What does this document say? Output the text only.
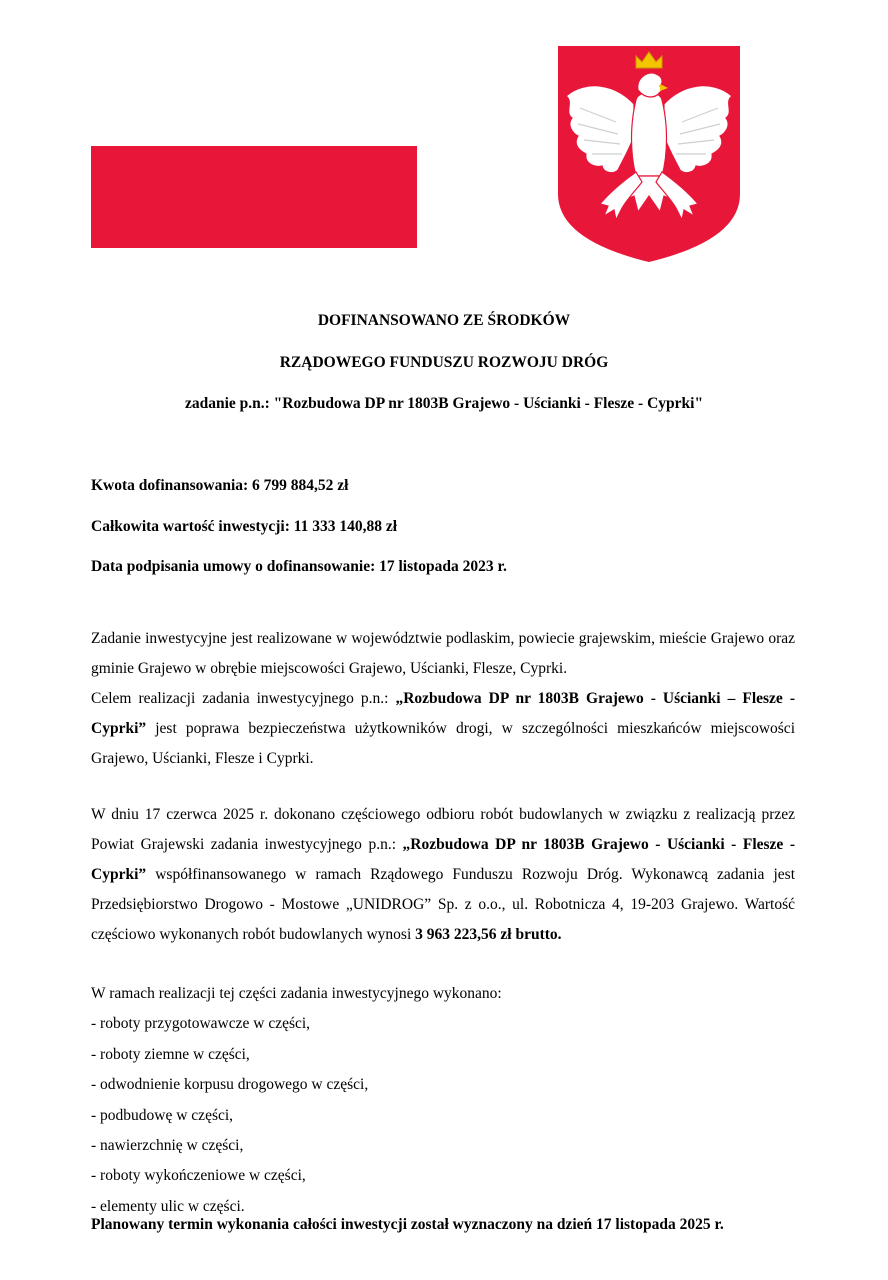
DOFINANSOWANO ZE ŚRODKÓW
RZĄDOWEGO FUNDUSZU ROZWOJU DRÓG
zadanie p.n.: "Rozbudowa DP nr 1803B Grajewo - Uścianki - Flesze - Cyprki"
Kwota dofinansowania: 6 799 884,52 zł
Całkowita wartość inwestycji: 11 333 140,88 zł
Data podpisania umowy o dofinansowanie: 17 listopada 2023 r.

Zadanie inwestycyjne jest realizowane w województwie podlaskim, powiecie grajewskim, mieście Grajewo oraz gminie Grajewo w obrębie miejscowości Grajewo, Uścianki, Flesze, Cyprki.

Celem realizacji zadania inwestycyjnego p.n.: „Rozbudowa DP nr 1803B Grajewo - Uścianki – Flesze - Cyprki” jest poprawa bezpieczeństwa użytkowników drogi, w szczególności mieszkańców miejscowości Grajewo, Uścianki, Flesze i Cyprki.

W dniu 17 czerwca 2025 r. dokonano częściowego odbioru robót budowlanych w związku z realizacją przez Powiat Grajewski zadania inwestycyjnego p.n.: „Rozbudowa DP nr 1803B Grajewo - Uścianki - Flesze - Cyprki” współfinansowanego w ramach Rządowego Funduszu Rozwoju Dróg. Wykonawcą zadania jest Przedsiębiorstwo Drogowo - Mostowe „UNIDROG” Sp. z o.o., ul. Robotnicza 4, 19-203 Grajewo. Wartość częściowo wykonanych robót budowlanych wynosi 3 963 223,56 zł brutto.

W ramach realizacji tej części zadania inwestycyjnego wykonano:
- roboty przygotowawcze w części,
- roboty ziemne w części,
- odwodnienie korpusu drogowego w części,
- podbudowę w części,
- nawierzchnię w części,
- roboty wykończeniowe w części,
- elementy ulic w części.
Planowany termin wykonania całości inwestycji został wyznaczony na dzień 17 listopada 2025 r.
